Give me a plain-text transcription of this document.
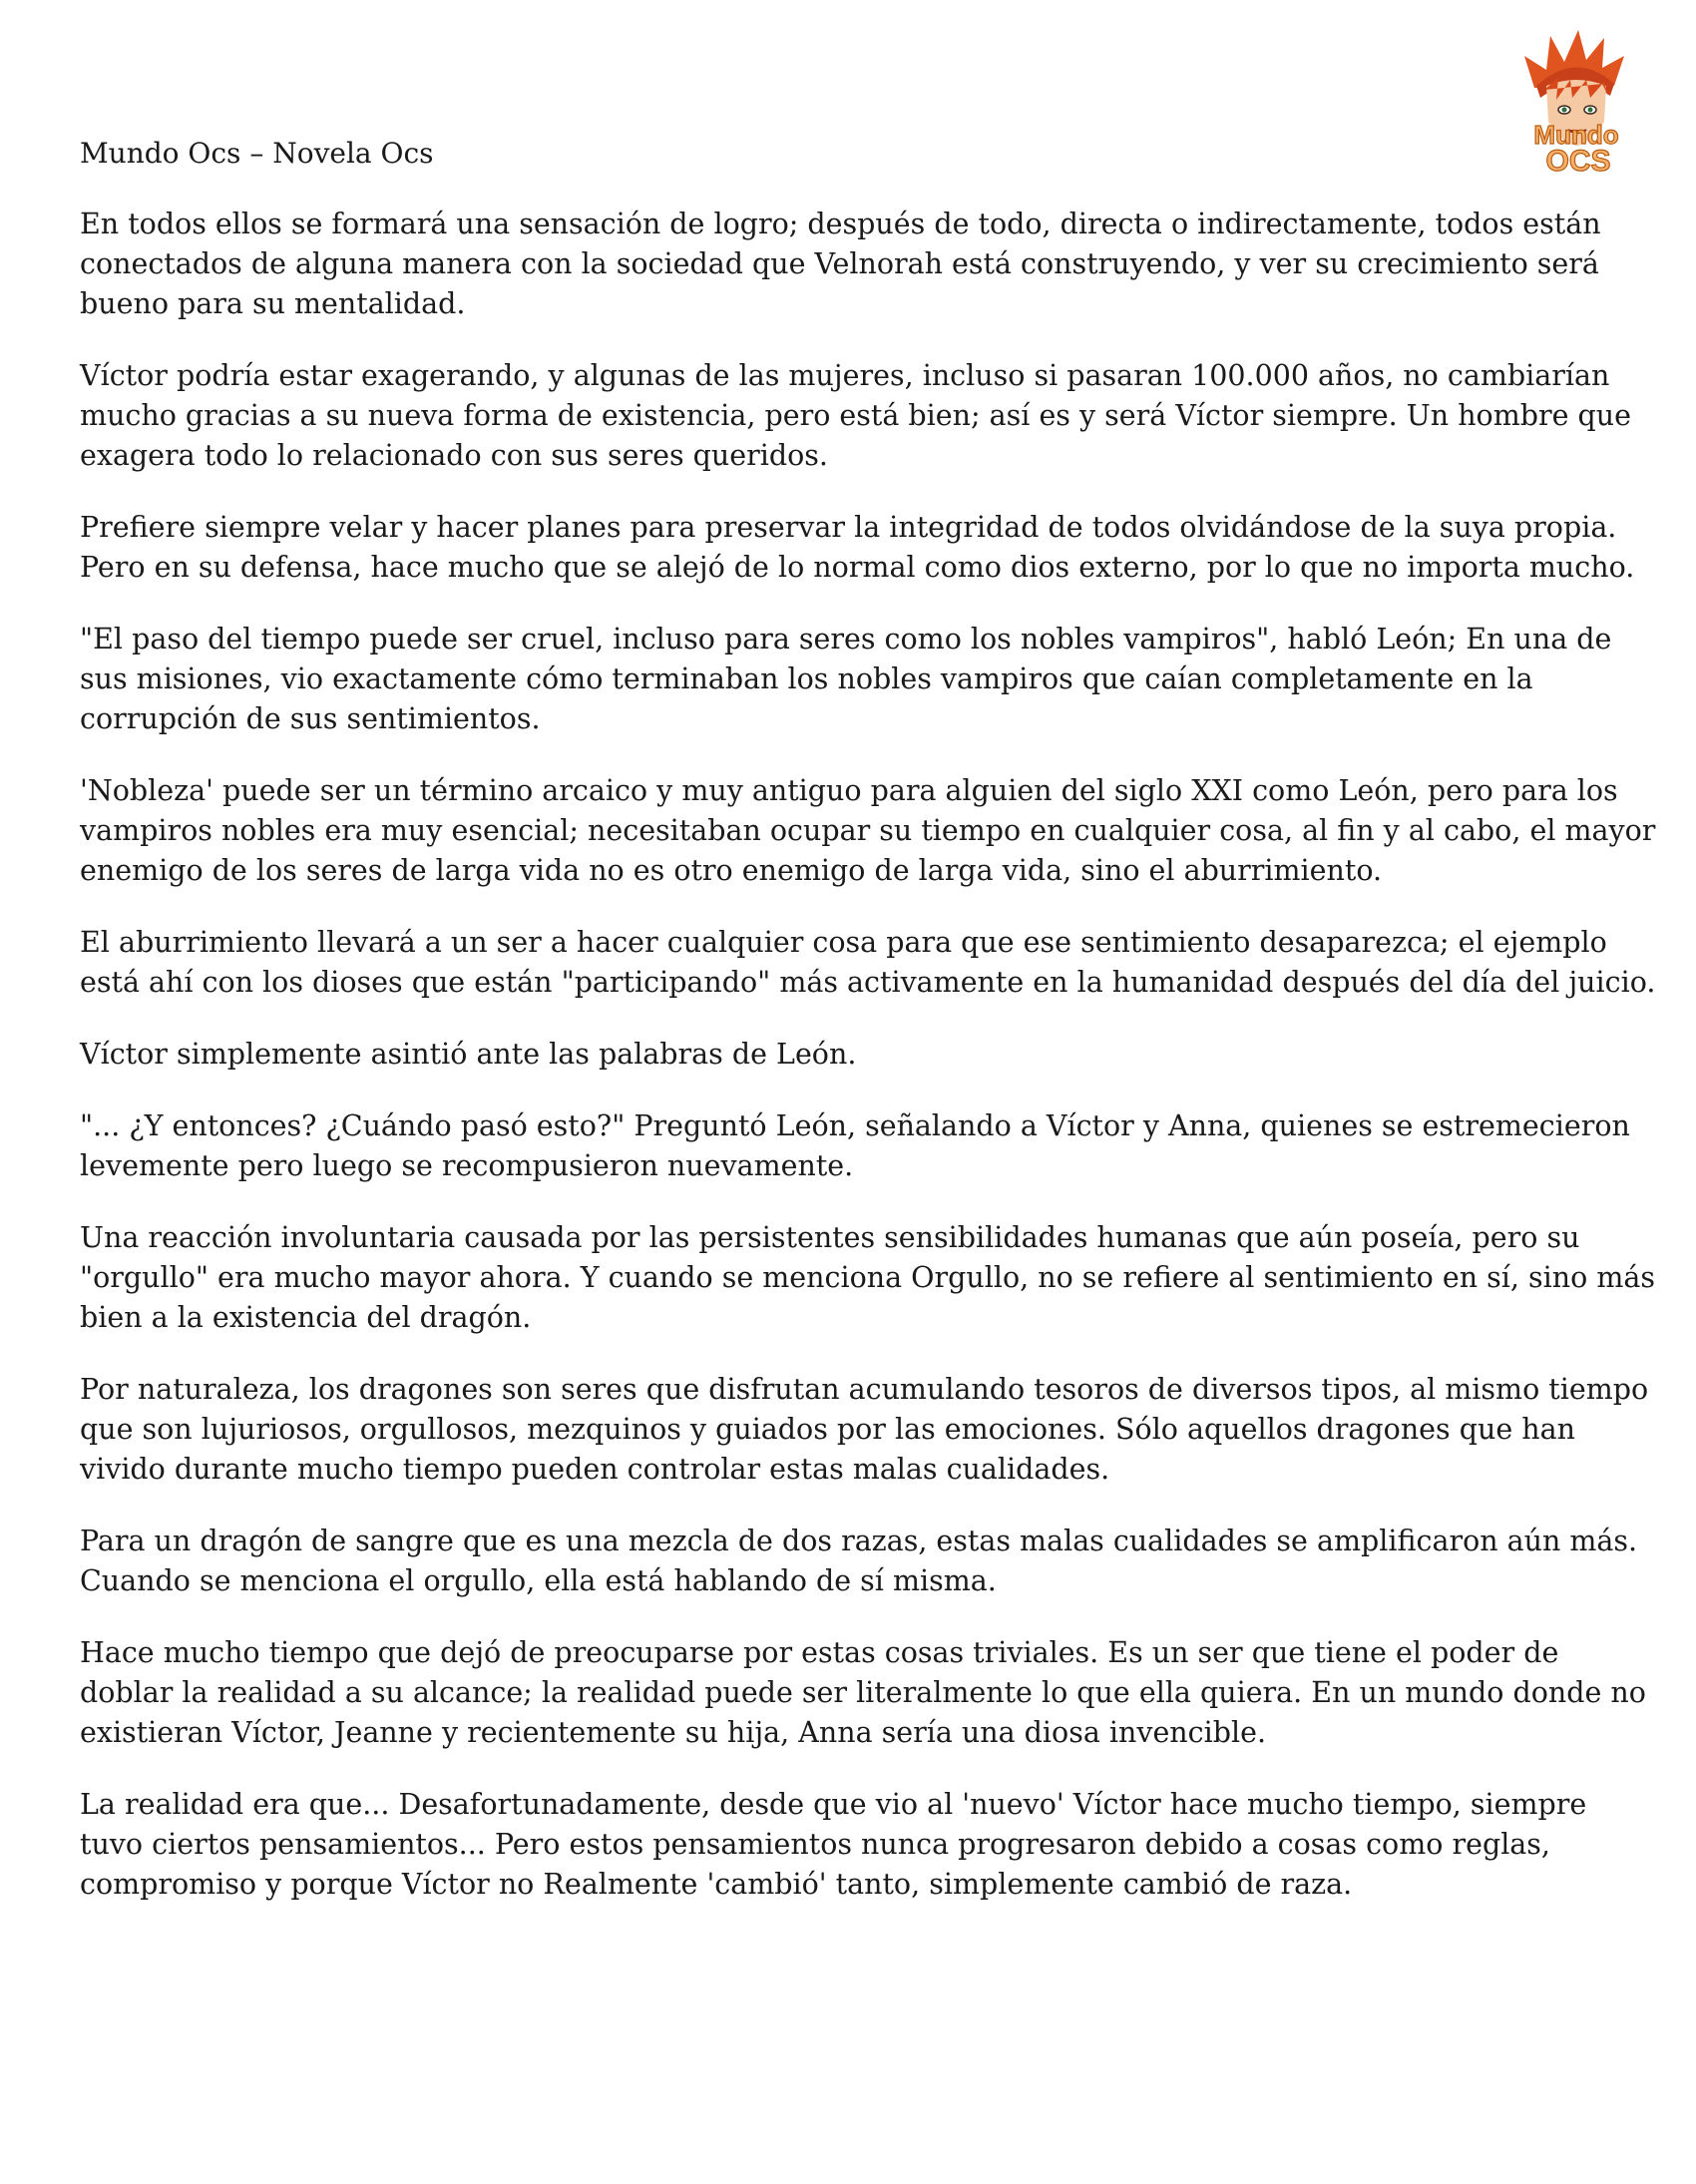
Mundo Ocs – Novela Ocs
Mundo
OCS

En todos ellos se formará una sensación de logro; después de todo, directa o indirectamente, todos están conectados de alguna manera con la sociedad que Velnorah está construyendo, y ver su crecimiento será bueno para su mentalidad.

Víctor podría estar exagerando, y algunas de las mujeres, incluso si pasaran 100.000 años, no cambiarían mucho gracias a su nueva forma de existencia, pero está bien; así es y será Víctor siempre. Un hombre que exagera todo lo relacionado con sus seres queridos.

Prefiere siempre velar y hacer planes para preservar la integridad de todos olvidándose de la suya propia. Pero en su defensa, hace mucho que se alejó de lo normal como dios externo, por lo que no importa mucho.

"El paso del tiempo puede ser cruel, incluso para seres como los nobles vampiros", habló León; En una de sus misiones, vio exactamente cómo terminaban los nobles vampiros que caían completamente en la corrupción de sus sentimientos.

'Nobleza' puede ser un término arcaico y muy antiguo para alguien del siglo XXI como León, pero para los vampiros nobles era muy esencial; necesitaban ocupar su tiempo en cualquier cosa, al fin y al cabo, el mayor enemigo de los seres de larga vida no es otro enemigo de larga vida, sino el aburrimiento.

El aburrimiento llevará a un ser a hacer cualquier cosa para que ese sentimiento desaparezca; el ejemplo está ahí con los dioses que están "participando" más activamente en la humanidad después del día del juicio.

Víctor simplemente asintió ante las palabras de León.

"... ¿Y entonces? ¿Cuándo pasó esto?" Preguntó León, señalando a Víctor y Anna, quienes se estremecieron levemente pero luego se recompusieron nuevamente.

Una reacción involuntaria causada por las persistentes sensibilidades humanas que aún poseía, pero su "orgullo" era mucho mayor ahora. Y cuando se menciona Orgullo, no se refiere al sentimiento en sí, sino más bien a la existencia del dragón.

Por naturaleza, los dragones son seres que disfrutan acumulando tesoros de diversos tipos, al mismo tiempo que son lujuriosos, orgullosos, mezquinos y guiados por las emociones. Sólo aquellos dragones que han vivido durante mucho tiempo pueden controlar estas malas cualidades.

Para un dragón de sangre que es una mezcla de dos razas, estas malas cualidades se amplificaron aún más. Cuando se menciona el orgullo, ella está hablando de sí misma.

Hace mucho tiempo que dejó de preocuparse por estas cosas triviales. Es un ser que tiene el poder de doblar la realidad a su alcance; la realidad puede ser literalmente lo que ella quiera. En un mundo donde no existieran Víctor, Jeanne y recientemente su hija, Anna sería una diosa invencible.

La realidad era que... Desafortunadamente, desde que vio al 'nuevo' Víctor hace mucho tiempo, siempre tuvo ciertos pensamientos... Pero estos pensamientos nunca progresaron debido a cosas como reglas, compromiso y porque Víctor no Realmente 'cambió' tanto, simplemente cambió de raza.
